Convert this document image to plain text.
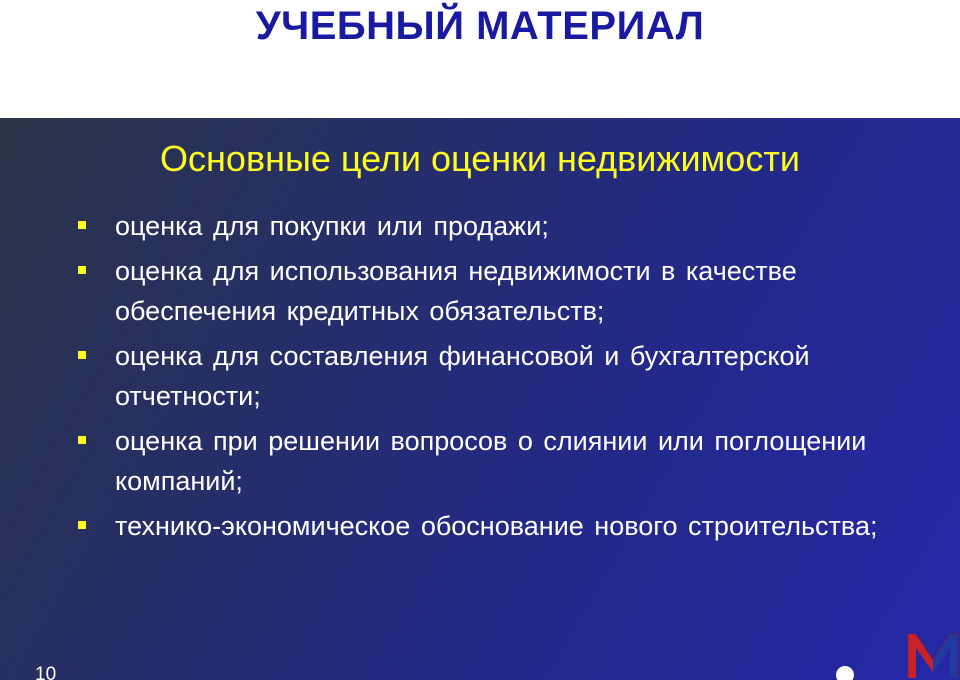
УЧЕБНЫЙ МАТЕРИАЛ
Основные цели оценки недвижимости
оценка для покупки или продажи;
оценка для использования недвижимости в качестве обеспечения кредитных обязательств;
оценка для составления финансовой и бухгалтерской отчетности;
оценка при решении вопросов о слиянии или поглощении компаний;
технико-экономическое обоснование нового строительства;
10
